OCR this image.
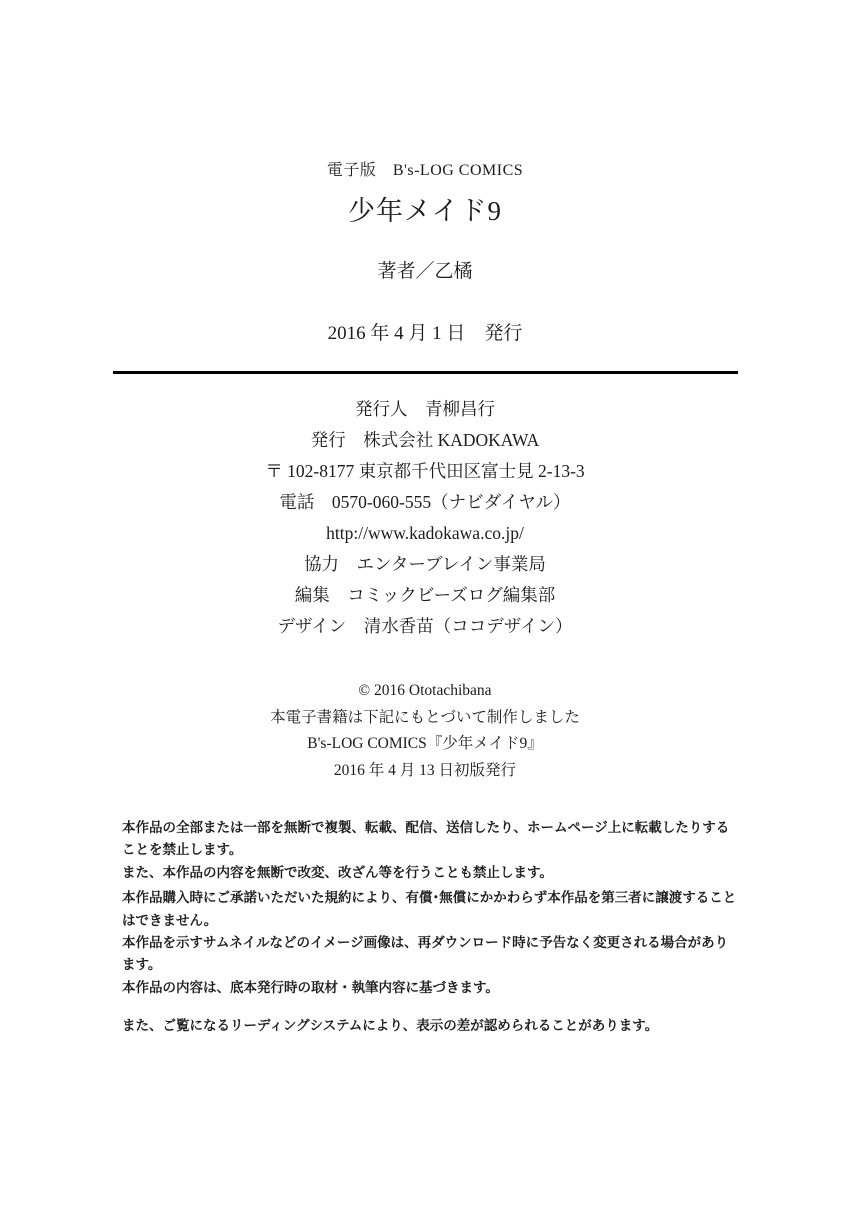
電子版　B's-LOG COMICS
少年メイド9
著者／乙橘
2016 年 4 月 1 日　発行
発行人　青柳昌行
発行　株式会社 KADOKAWA
〒 102-8177 東京都千代田区富士見 2-13-3
電話　0570-060-555（ナビダイヤル）
http://www.kadokawa.co.jp/
協力　エンターブレイン事業局
編集　コミックビーズログ編集部
デザイン　清水香苗（ココデザイン）
© 2016 Ototachibana
本電子書籍は下記にもとづいて制作しました
B's-LOG COMICS『少年メイド9』
2016 年 4 月 13 日初版発行
本作品の全部または一部を無断で複製、転載、配信、送信したり、ホームページ上に転載したりすることを禁止します。
また、本作品の内容を無断で改変、改ざん等を行うことも禁止します。
本作品購入時にご承諾いただいた規約により、有償･無償にかかわらず本作品を第三者に譲渡することはできません。
本作品を示すサムネイルなどのイメージ画像は、再ダウンロード時に予告なく変更される場合があります。
本作品の内容は、底本発行時の取材・執筆内容に基づきます。
また、ご覧になるリーディングシステムにより、表示の差が認められることがあります。
